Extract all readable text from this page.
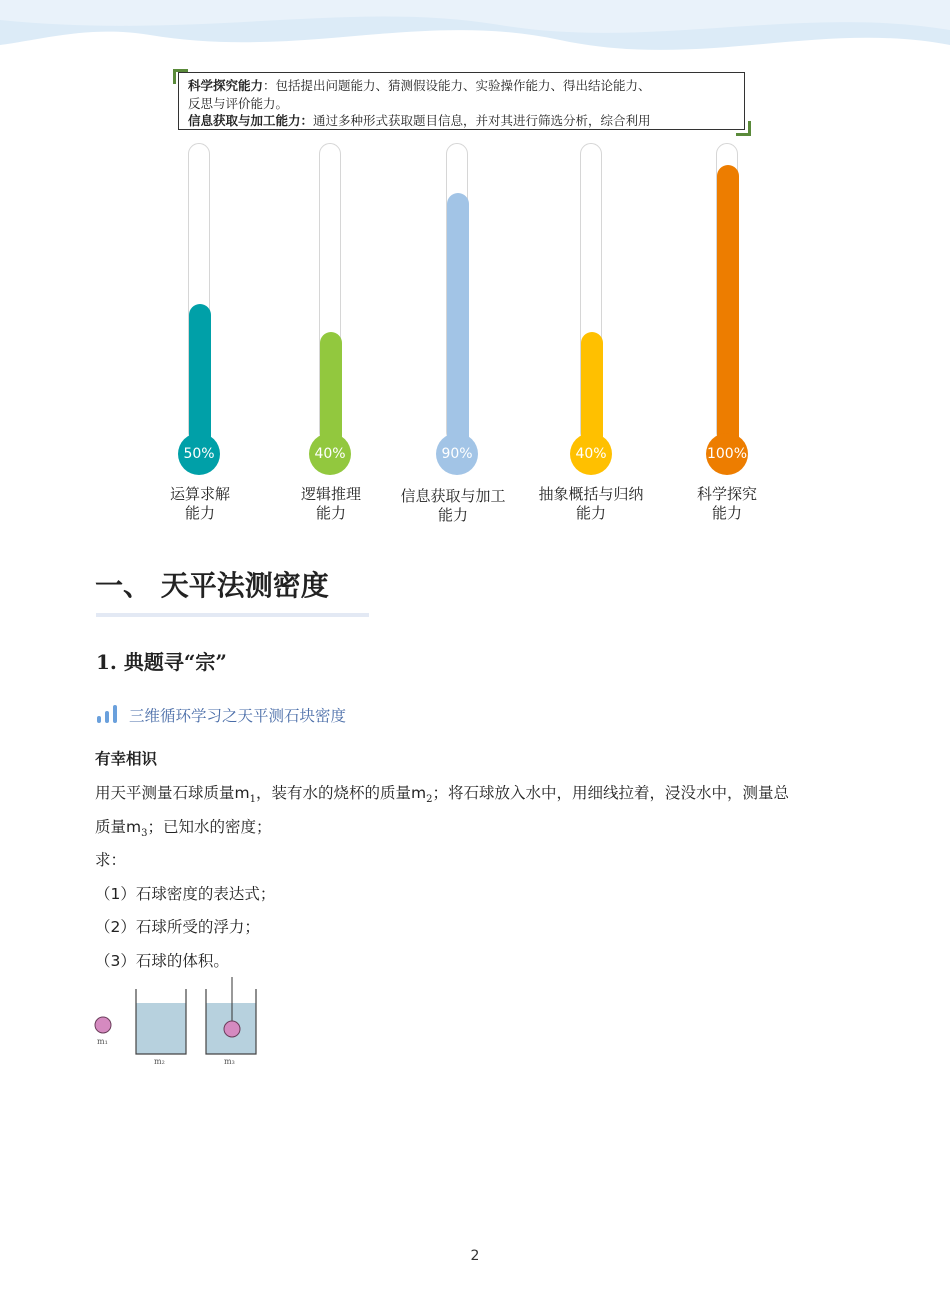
科学探究能力：包括提出问题能力、猜测假设能力、实验操作能力、得出结论能力、
反思与评价能力。
信息获取与加工能力：通过多种形式获取题目信息，并对其进行筛选分析，综合利用
50%	40%	90%	40%	100%
运算求解
能力
逻辑推理
能力
信息获取与加工
能力
抽象概括与归纳
能力
科学探究
能力
一、 天平法测密度
1. 典题寻“宗”
三维循环学习之天平测石块密度
有幸相识
用天平测量石球质量$m_1$，装有水的烧杯的质量$m_2$；将石球放入水中，用细线拉着，浸没水中，测量总
质量$m_3$；已知水的密度；
求：
（1）石球密度的表达式；
（2）石球所受的浮力；
（3）石球的体积。
m₁
m₂	m₃
2
